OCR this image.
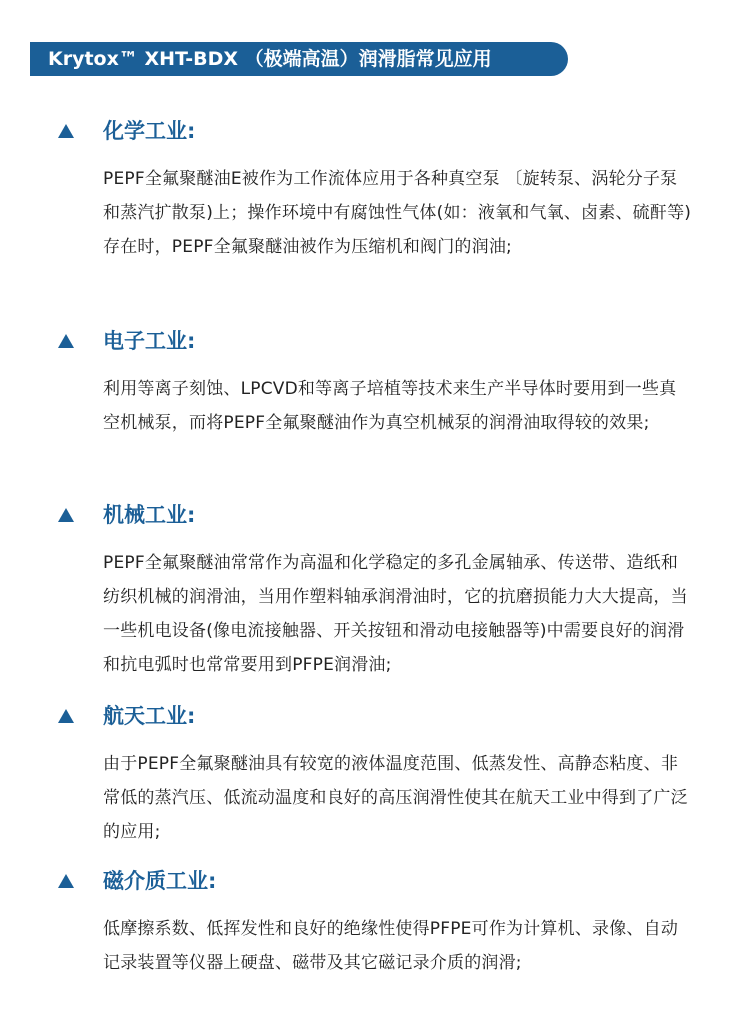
Krytox™ XHT-BDX （极端高温）润滑脂常见应用
化学工业:
PEPF全氟聚醚油E被作为工作流体应用于各种真空泵 〔旋转泵、涡轮分子泵和蒸汽扩散泵)上；操作环境中有腐蚀性气体(如：液氧和气氧、卤素、硫酐等)存在时，PEPF全氟聚醚油被作为压缩机和阀门的润油;
电子工业:
利用等离子刻蚀、LPCVD和等离子培植等技术来生产半导体时要用到一些真空机械泵，而将PEPF全氟聚醚油作为真空机械泵的润滑油取得较的效果;
机械工业:
PEPF全氟聚醚油常常作为高温和化学稳定的多孔金属轴承、传送带、造纸和纺织机械的润滑油，当用作塑料轴承润滑油时，它的抗磨损能力大大提高，当一些机电设备(像电流接触器、开关按钮和滑动电接触器等)中需要良好的润滑和抗电弧时也常常要用到PFPE润滑油;
航天工业:
由于PEPF全氟聚醚油具有较宽的液体温度范围、低蒸发性、高静态粘度、非常低的蒸汽压、低流动温度和良好的高压润滑性使其在航天工业中得到了广泛的应用;
磁介质工业:
低摩擦系数、低挥发性和良好的绝缘性使得PFPE可作为计算机、录像、自动记录装置等仪器上硬盘、磁带及其它磁记录介质的润滑;
